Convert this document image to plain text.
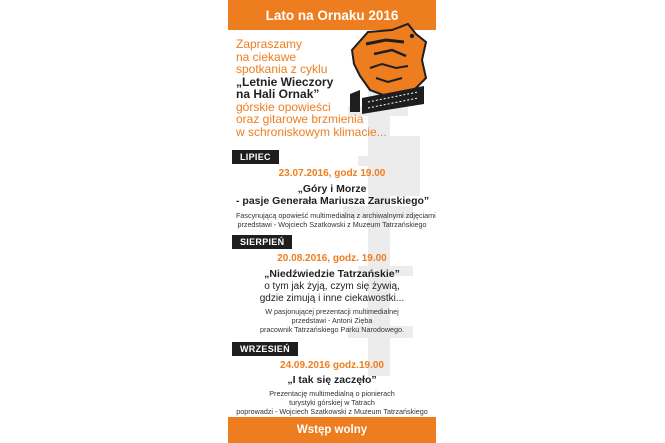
Lato na Ornaku 2016
Zapraszamy
na ciekawe
spotkania z cyklu
„Letnie Wieczory
na Hali Ornak”
górskie opowieści
oraz gitarowe brzmienia
w schroniskowym klimacie...
LIPIEC
23.07.2016, godz 19.00
„Góry i Morze
- pasje Generała Mariusza Zaruskiego”
Fascynującą opowieść multimedialną z archiwalnymi zdjęciami
przedstawi - Wojciech Szatkowski z Muzeum Tatrzańskiego
SIERPIEŃ
20.08.2016, godz. 19.00
„Niedźwiedzie Tatrzańskie”
o tym jak żyją, czym się żywią,
gdzie zimują i inne ciekawostki...
W pasjonującej prezentacji multimedialnej
przedstawi - Antoni Zięba
pracownik Tatrzańskiego Parku Narodowego.
WRZESIEŃ
24.09.2016 godz.19.00
„I tak się zaczęło”
Prezentację multimedialną o pionierach
turystyki górskiej w Tatrach
poprowadzi - Wojciech Szatkowski z Muzeum Tatrzańskiego
Wstęp wolny
